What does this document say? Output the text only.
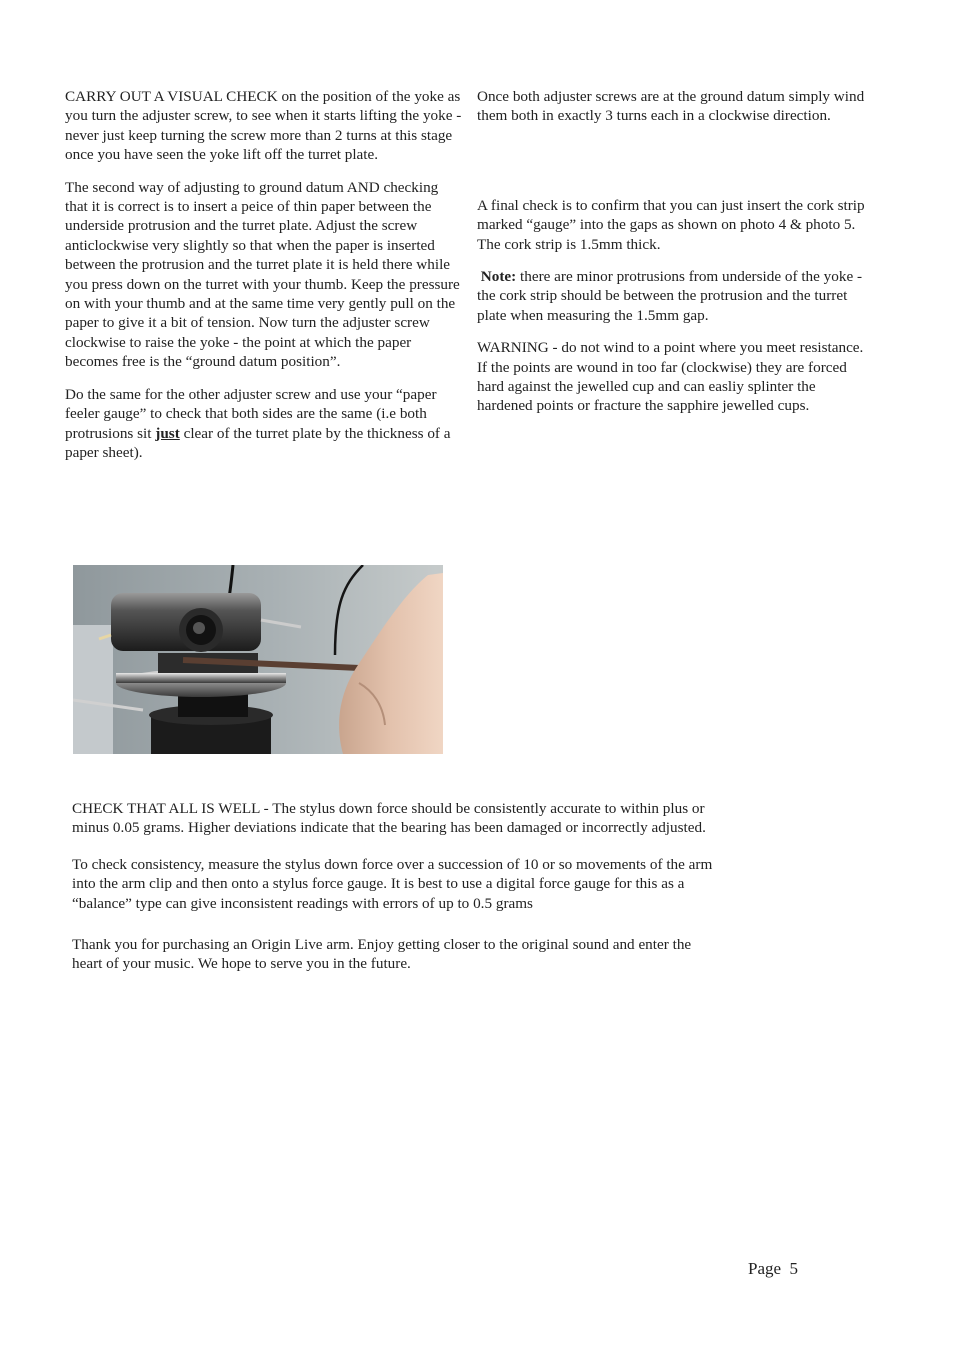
CARRY OUT A VISUAL CHECK on the position of the yoke as you turn the adjuster screw, to see when it starts lifting the yoke - never just keep turning the screw more than 2 turns at this stage once you have seen the yoke lift off the turret plate.

The second way of adjusting to ground datum AND checking that it is correct is to insert a peice of thin paper between the underside protrusion and the turret plate. Adjust the screw anticlockwise very slightly so that when the paper is inserted between the protrusion and the turret plate it is held there while you press down on the turret with your thumb. Keep the pressure on with your thumb and at the same time very gently pull on the paper to give it a bit of tension. Now turn the adjuster screw clockwise to raise the yoke - the point at which the paper becomes free is the “ground datum position”.

Do the same for the other adjuster screw and use your “paper feeler gauge” to check that both sides are the same (i.e both protrusions sit just clear of the turret plate by the thickness of a paper sheet).

Once both adjuster screws are at the ground datum simply wind them both in exactly 3 turns each in a clockwise direction.

A final check is to confirm that you can just insert the cork strip marked “gauge” into the gaps as shown on photo 4 & photo 5. The cork strip is 1.5mm thick.

Note: there are minor protrusions from underside of the yoke - the cork strip should be between the protrusion and the turret plate when measuring the 1.5mm gap.

WARNING - do not wind to a point where you meet resistance. If the points are wound in too far (clockwise) they are forced hard against the jewelled cup and can easliy splinter the hardened points or fracture the sapphire jewelled cups.

CHECK THAT ALL IS WELL - The stylus down force should be consistently accurate to within plus or minus 0.05 grams. Higher deviations indicate that the bearing has been damaged or incorrectly adjusted.

To check consistency, measure the stylus down force over a succession of 10 or so movements of the arm into the arm clip and then onto a stylus force gauge. It is best to use a digital force gauge for this as a “balance” type can give inconsistent readings with errors of up to 0.5 grams

Thank you for purchasing an Origin Live arm. Enjoy getting closer to the original sound and enter the heart of your music. We hope to serve you in the future.

Page  5
